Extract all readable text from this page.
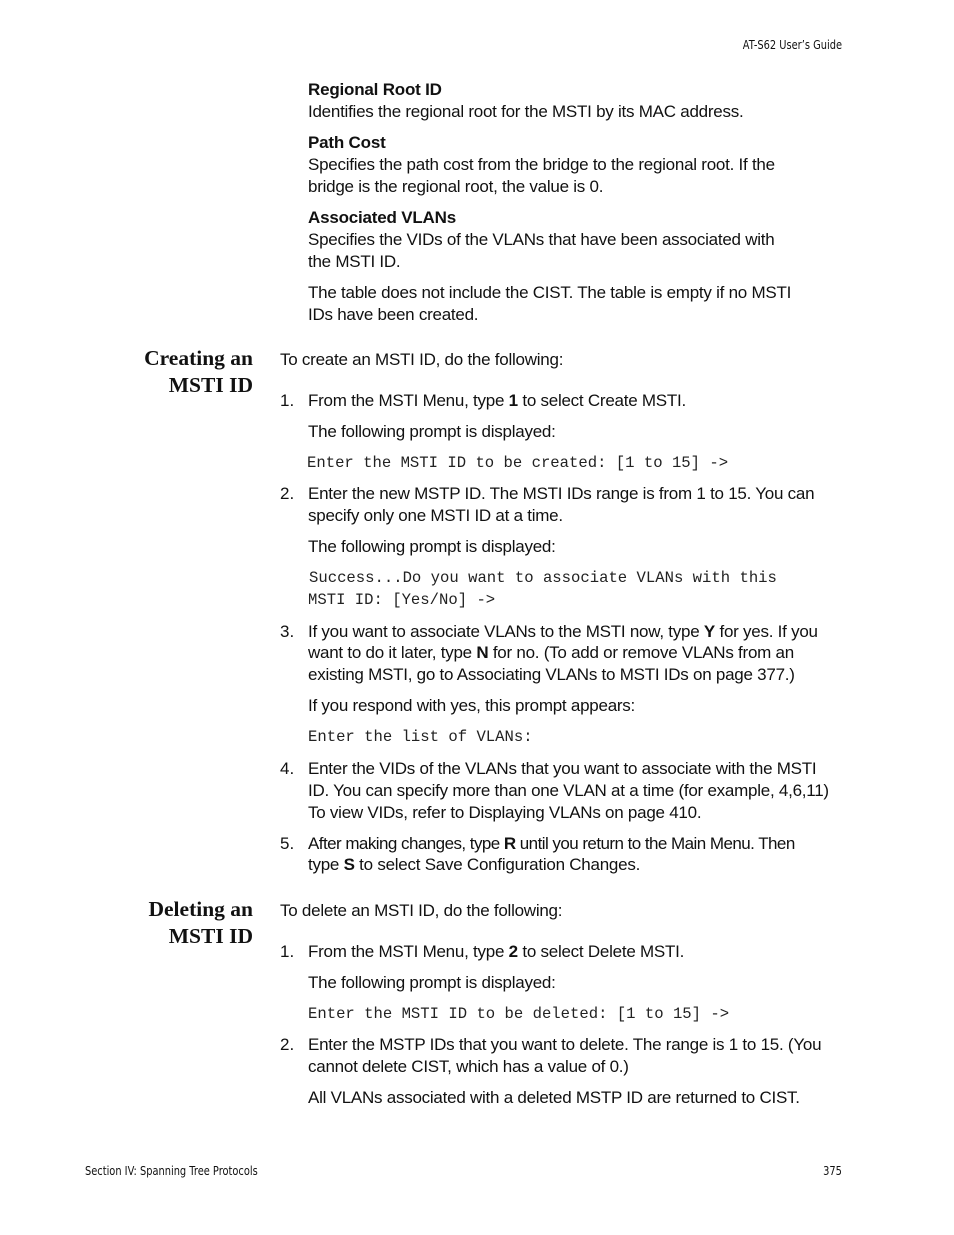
AT-S62 User’s Guide
Regional Root ID
Identifies the regional root for the MSTI by its MAC address.
Path Cost
Specifies the path cost from the bridge to the regional root. If the
bridge is the regional root, the value is 0.
Associated VLANs
Specifies the VIDs of the VLANs that have been associated with
the MSTI ID.
The table does not include the CIST. The table is empty if no MSTI
IDs have been created.
Creating an
MSTI ID
To create an MSTI ID, do the following:
1. From the MSTI Menu, type 1 to select Create MSTI.
The following prompt is displayed:
Enter the MSTI ID to be created: [1 to 15] ->
2. Enter the new MSTP ID. The MSTI IDs range is from 1 to 15. You can
specify only one MSTI ID at a time.
The following prompt is displayed:
Success...Do you want to associate VLANs with this
MSTI ID: [Yes/No] ->
3. If you want to associate VLANs to the MSTI now, type Y for yes. If you
want to do it later, type N for no. (To add or remove VLANs from an
existing MSTI, go to Associating VLANs to MSTI IDs on page 377.)
If you respond with yes, this prompt appears:
Enter the list of VLANs:
4. Enter the VIDs of the VLANs that you want to associate with the MSTI
ID. You can specify more than one VLAN at a time (for example, 4,6,11)
To view VIDs, refer to Displaying VLANs on page 410.
5. After making changes, type R until you return to the Main Menu. Then
type S to select Save Configuration Changes.
Deleting an
MSTI ID
To delete an MSTI ID, do the following:
1. From the MSTI Menu, type 2 to select Delete MSTI.
The following prompt is displayed:
Enter the MSTI ID to be deleted: [1 to 15] ->
2. Enter the MSTP IDs that you want to delete. The range is 1 to 15. (You
cannot delete CIST, which has a value of 0.)
All VLANs associated with a deleted MSTP ID are returned to CIST.
Section IV: Spanning Tree Protocols	375
